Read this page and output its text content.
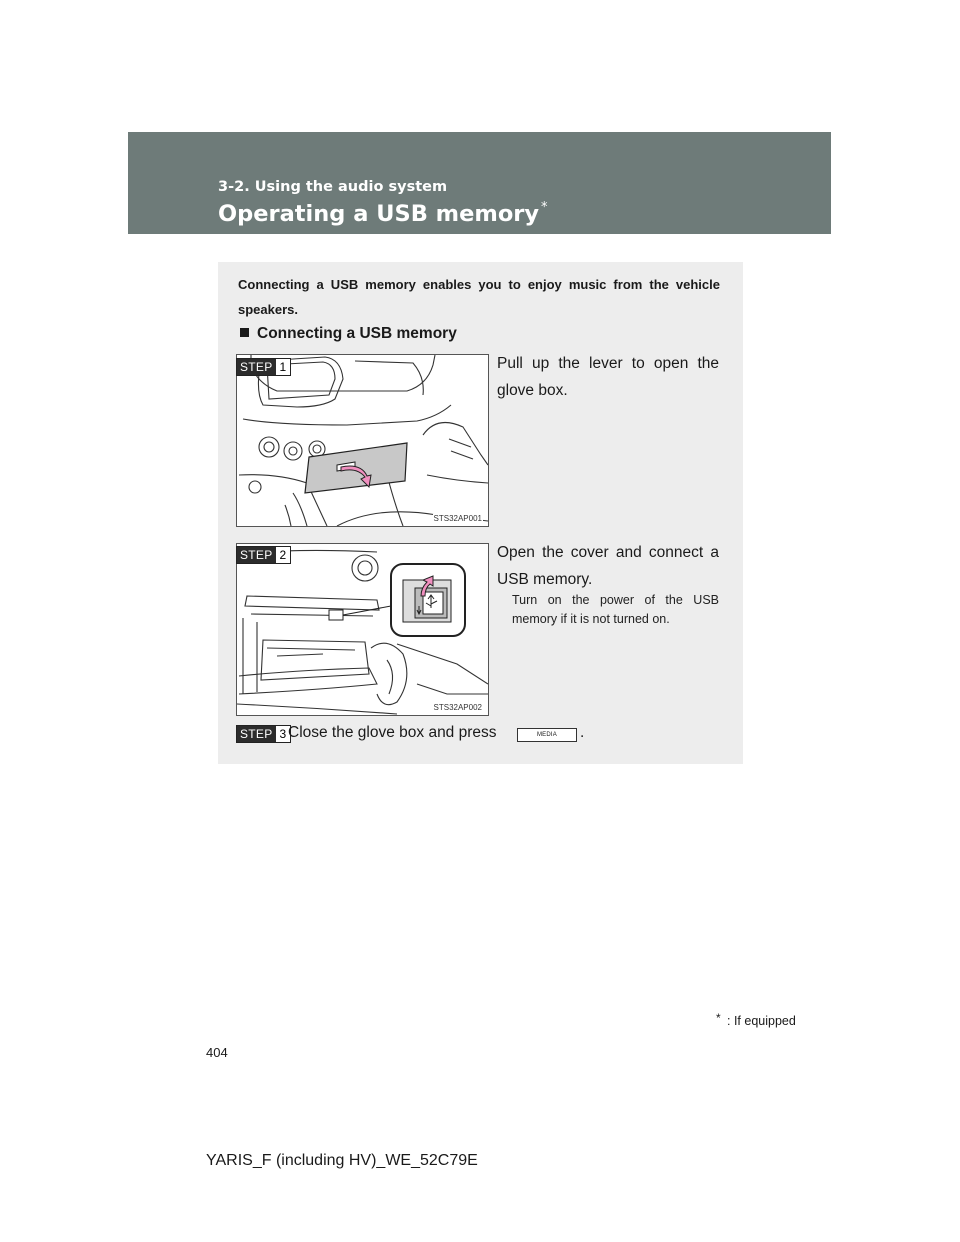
3-2. Using the audio system
Operating a USB memory *
Connecting a USB memory enables you to enjoy music from the vehicle speakers.
Connecting a USB memory
STS32AP001
STEP 1	Pull up the lever to open the glove box.
STS32AP002
STEP 2	Open the cover and connect a USB memory.
Turn on the power of the USB memory if it is not turned on.
STEP 3 Close the glove box and press	MEDIA	.
* : If equipped
404
YARIS_F (including HV)_WE_52C79E
